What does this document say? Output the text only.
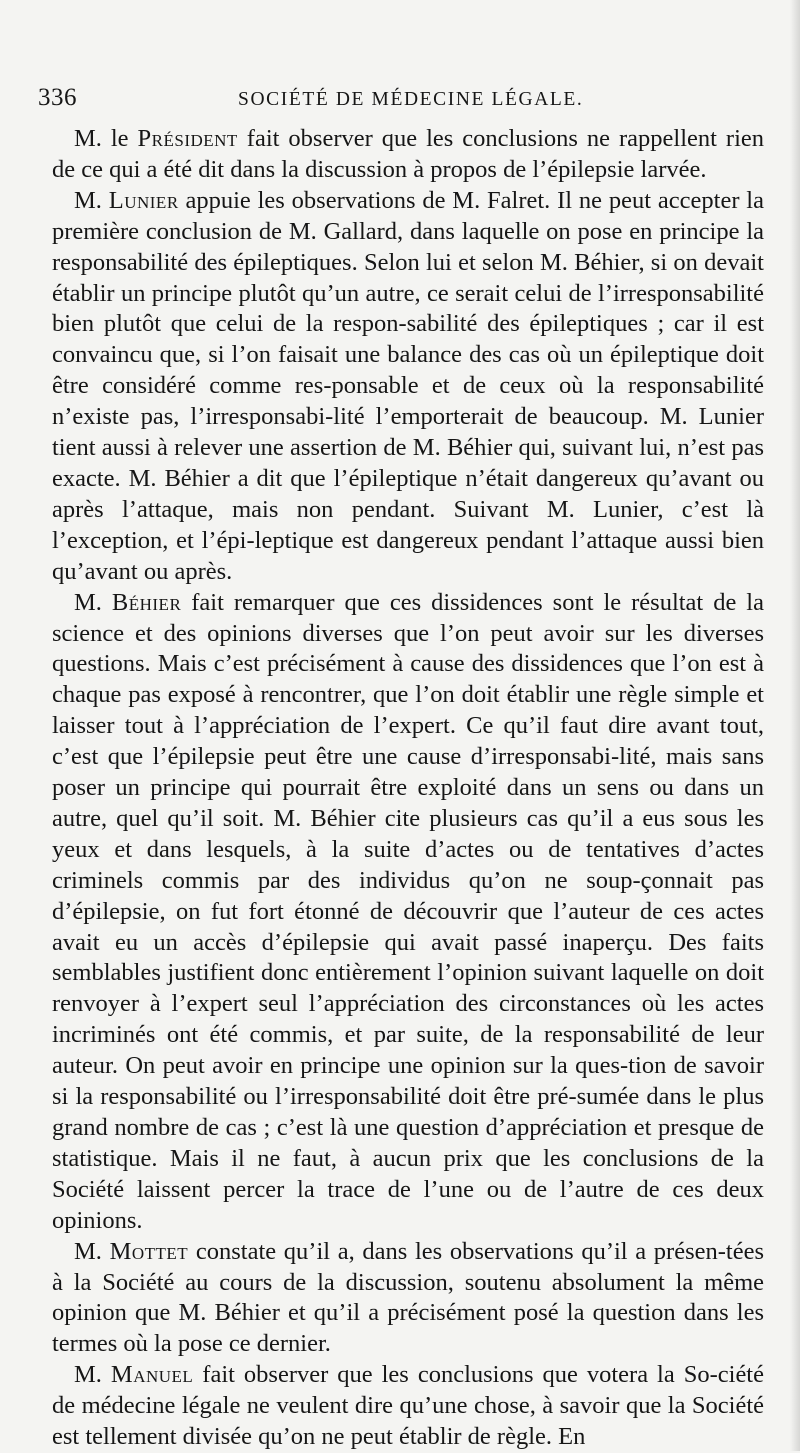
336	SOCIÉTÉ DE MÉDECINE LÉGALE.

M. le Président fait observer que les conclusions ne rappellent rien de ce qui a été dit dans la discussion à propos de l’épilepsie larvée.

M. Lunier appuie les observations de M. Falret. Il ne peut accepter la première conclusion de M. Gallard, dans laquelle on pose en principe la responsabilité des épileptiques. Selon lui et selon M. Béhier, si on devait établir un principe plutôt qu’un autre, ce serait celui de l’irresponsabilité bien plutôt que celui de la respon-sabilité des épileptiques ; car il est convaincu que, si l’on faisait une balance des cas où un épileptique doit être considéré comme res-ponsable et de ceux où la responsabilité n’existe pas, l’irresponsabi-lité l’emporterait de beaucoup. M. Lunier tient aussi à relever une assertion de M. Béhier qui, suivant lui, n’est pas exacte. M. Béhier a dit que l’épileptique n’était dangereux qu’avant ou après l’attaque, mais non pendant. Suivant M. Lunier, c’est là l’exception, et l’épi-leptique est dangereux pendant l’attaque aussi bien qu’avant ou après.

M. Béhier fait remarquer que ces dissidences sont le résultat de la science et des opinions diverses que l’on peut avoir sur les diverses questions. Mais c’est précisément à cause des dissidences que l’on est à chaque pas exposé à rencontrer, que l’on doit établir une règle simple et laisser tout à l’appréciation de l’expert. Ce qu’il faut dire avant tout, c’est que l’épilepsie peut être une cause d’irresponsabi-lité, mais sans poser un principe qui pourrait être exploité dans un sens ou dans un autre, quel qu’il soit. M. Béhier cite plusieurs cas qu’il a eus sous les yeux et dans lesquels, à la suite d’actes ou de tentatives d’actes criminels commis par des individus qu’on ne soup-çonnait pas d’épilepsie, on fut fort étonné de découvrir que l’auteur de ces actes avait eu un accès d’épilepsie qui avait passé inaperçu. Des faits semblables justifient donc entièrement l’opinion suivant laquelle on doit renvoyer à l’expert seul l’appréciation des circonstances où les actes incriminés ont été commis, et par suite, de la responsabilité de leur auteur. On peut avoir en principe une opinion sur la ques-tion de savoir si la responsabilité ou l’irresponsabilité doit être pré-sumée dans le plus grand nombre de cas ; c’est là une question d’appréciation et presque de statistique. Mais il ne faut, à aucun prix que les conclusions de la Société laissent percer la trace de l’une ou de l’autre de ces deux opinions.

M. Mottet constate qu’il a, dans les observations qu’il a présen-tées à la Société au cours de la discussion, soutenu absolument la même opinion que M. Béhier et qu’il a précisément posé la question dans les termes où la pose ce dernier.

M. Manuel fait observer que les conclusions que votera la So-ciété de médecine légale ne veulent dire qu’une chose, à savoir que la Société est tellement divisée qu’on ne peut établir de règle. En
